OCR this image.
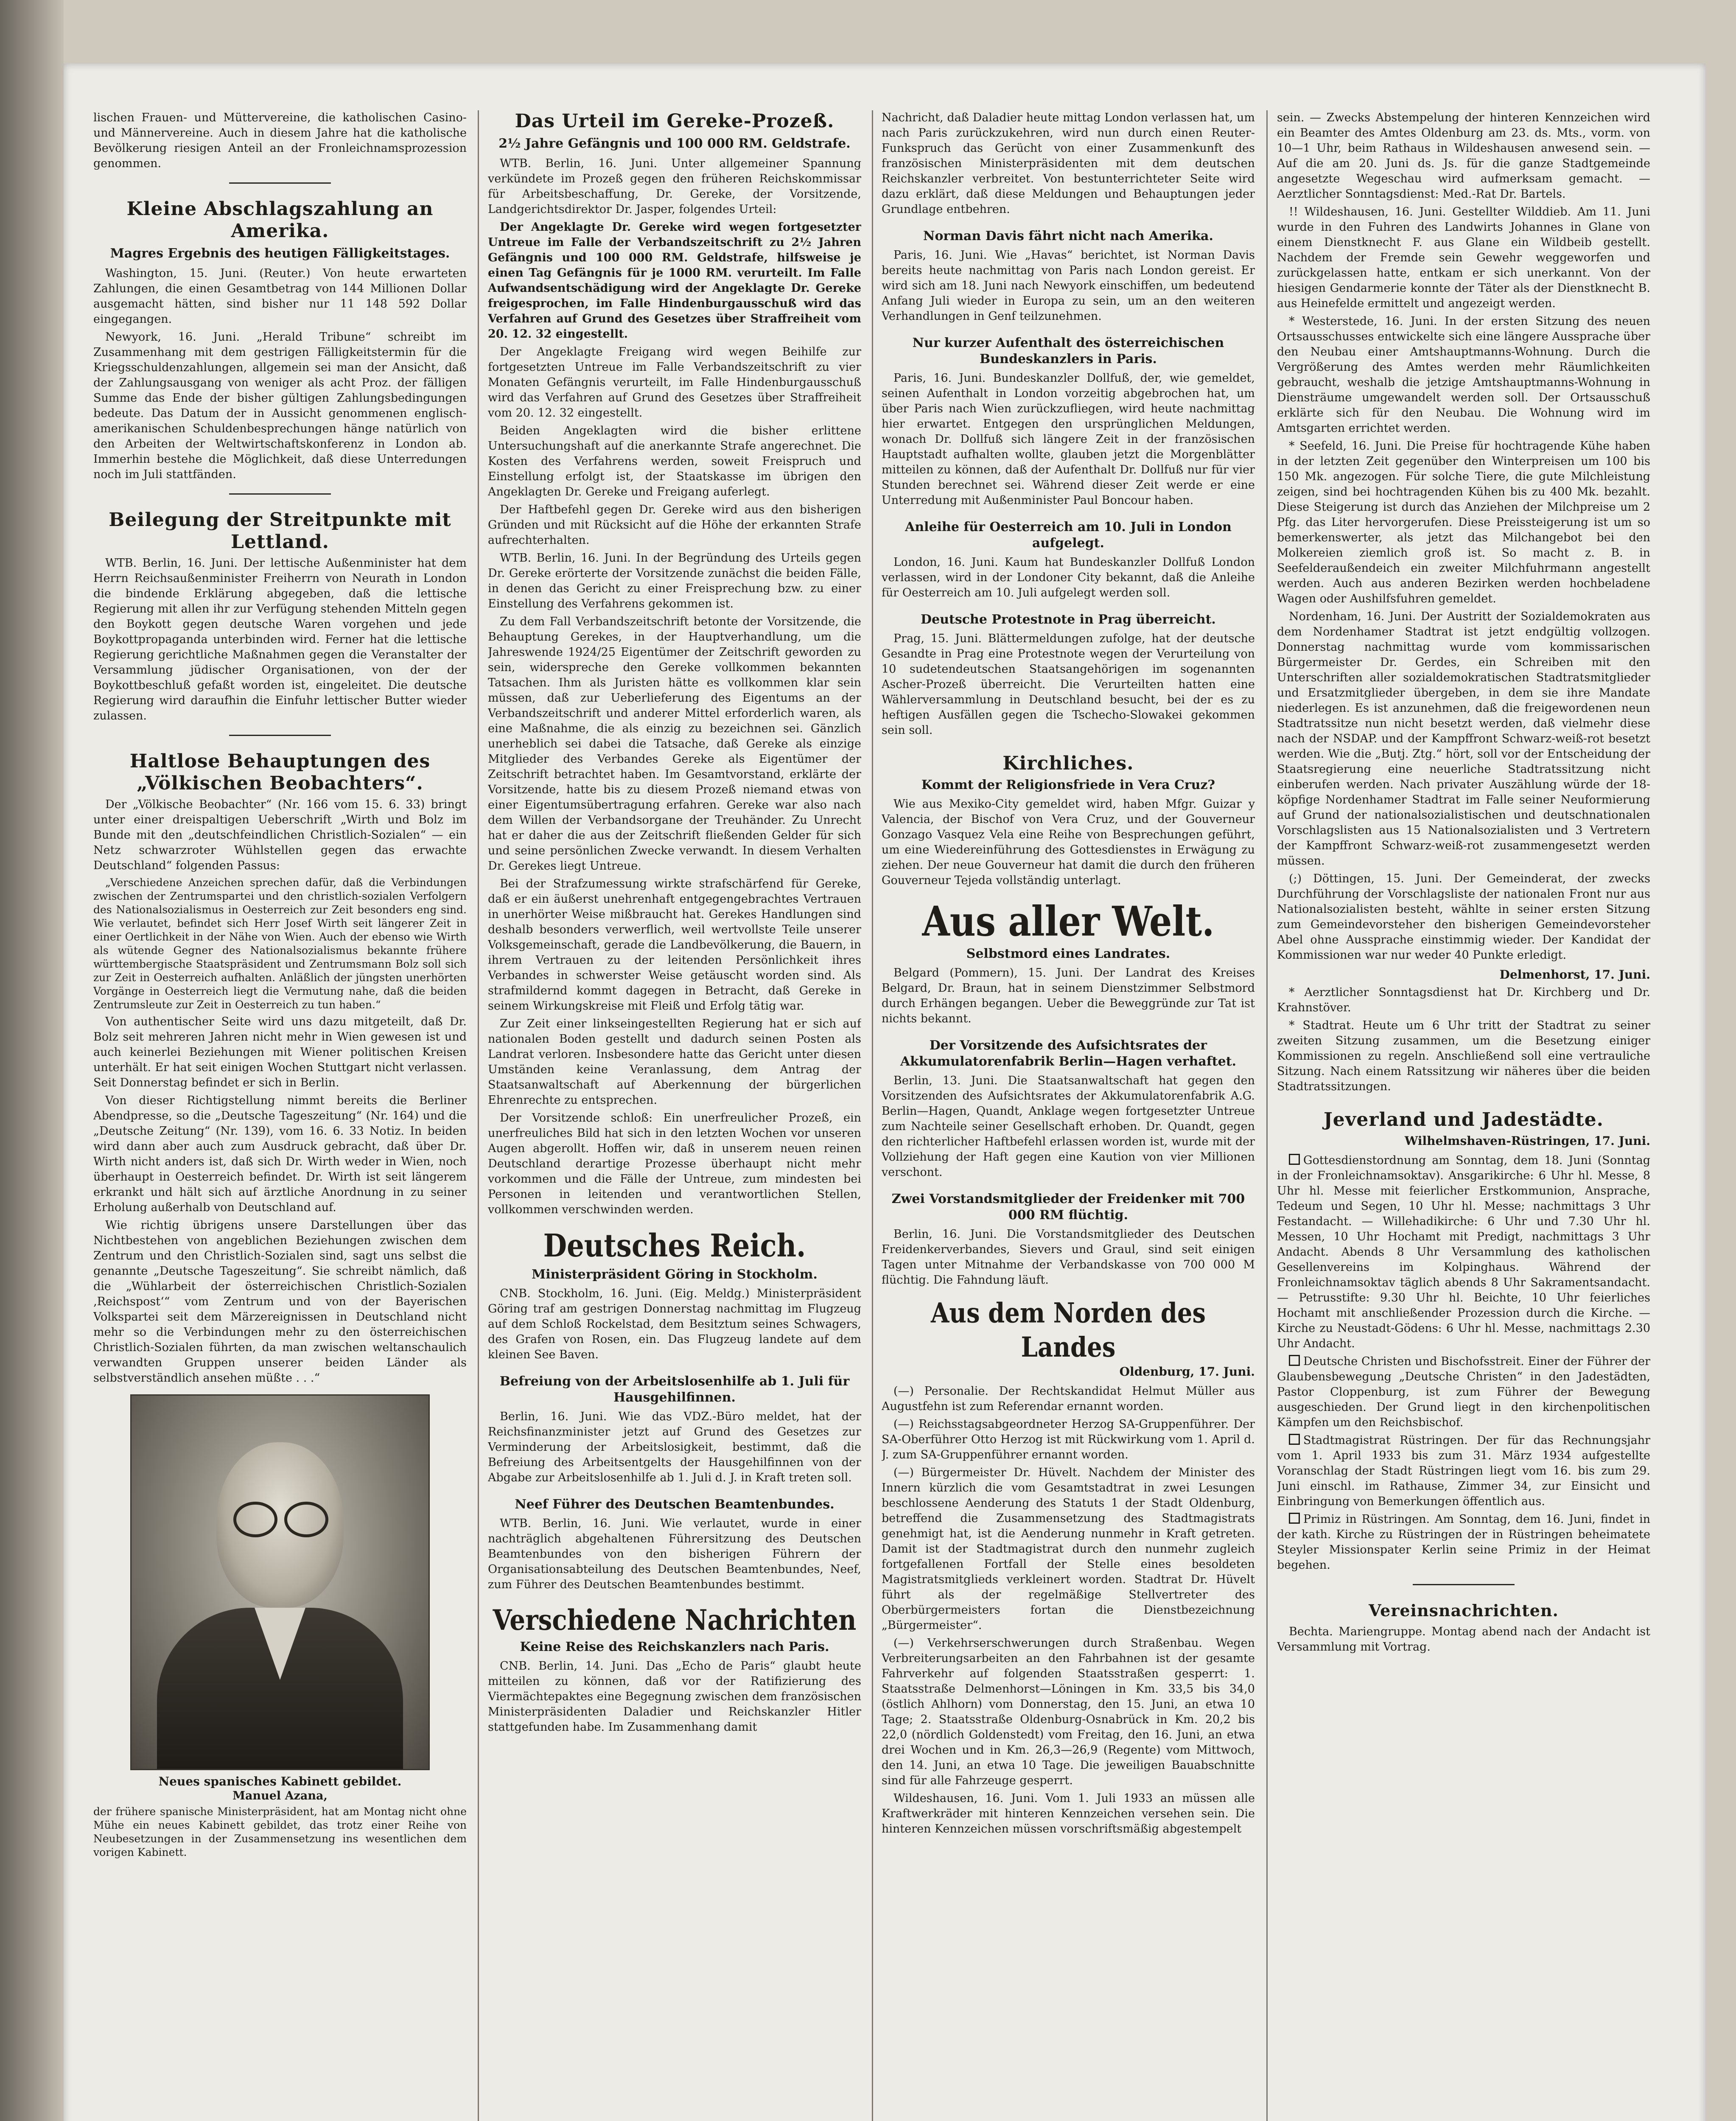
lischen Frauen- und Müttervereine, die katholischen Casino- und Männervereine. Auch in diesem Jahre hat die katholische Bevölkerung riesigen Anteil an der Fronleichnamsprozession genommen.

Kleine Abschlagszahlung an Amerika.
Magres Ergebnis des heutigen Fälligkeitstages.

Washington, 15. Juni. (Reuter.) Von heute erwarteten Zahlungen, die einen Gesamtbetrag von 144 Millionen Dollar ausgemacht hätten, sind bisher nur 11 148 592 Dollar eingegangen.

Newyork, 16. Juni. „Herald Tribune“ schreibt im Zusammenhang mit dem gestrigen Fälligkeitstermin für die Kriegsschuldenzahlungen, allgemein sei man der Ansicht, daß der Zahlungsausgang von weniger als acht Proz. der fälligen Summe das Ende der bisher gültigen Zahlungsbedingungen bedeute. Das Datum der in Aussicht genommenen englisch-amerikanischen Schuldenbesprechungen hänge natürlich von den Arbeiten der Weltwirtschaftskonferenz in London ab. Immerhin bestehe die Möglichkeit, daß diese Unterredungen noch im Juli stattfänden.

Beilegung der Streitpunkte mit Lettland.

WTB. Berlin, 16. Juni. Der lettische Außenminister hat dem Herrn Reichsaußenminister Freiherrn von Neurath in London die bindende Erklärung abgegeben, daß die lettische Regierung mit allen ihr zur Verfügung stehenden Mitteln gegen den Boykott gegen deutsche Waren vorgehen und jede Boykottpropaganda unterbinden wird. Ferner hat die lettische Regierung gerichtliche Maßnahmen gegen die Veranstalter der Versammlung jüdischer Organisationen, von der der Boykottbeschluß gefaßt worden ist, eingeleitet. Die deutsche Regierung wird daraufhin die Einfuhr lettischer Butter wieder zulassen.

Haltlose Behauptungen des „Völkischen Beobachters“.

Der „Völkische Beobachter“ (Nr. 166 vom 15. 6. 33) bringt unter einer dreispaltigen Ueberschrift „Wirth und Bolz im Bunde mit den „deutschfeindlichen Christlich-Sozialen“ — ein Netz schwarzroter Wühlstellen gegen das erwachte Deutschland“ folgenden Passus:

„Verschiedene Anzeichen sprechen dafür, daß die Verbindungen zwischen der Zentrumspartei und den christlich-sozialen Verfolgern des Nationalsozialismus in Oesterreich zur Zeit besonders eng sind. Wie verlautet, befindet sich Herr Josef Wirth seit längerer Zeit in einer Oertlichkeit in der Nähe von Wien. Auch der ebenso wie Wirth als wütende Gegner des Nationalsozialismus bekannte frühere württembergische Staatspräsident und Zentrumsmann Bolz soll sich zur Zeit in Oesterreich aufhalten. Anläßlich der jüngsten unerhörten Vorgänge in Oesterreich liegt die Vermutung nahe, daß die beiden Zentrumsleute zur Zeit in Oesterreich zu tun haben.“

Von authentischer Seite wird uns dazu mitgeteilt, daß Dr. Bolz seit mehreren Jahren nicht mehr in Wien gewesen ist und auch keinerlei Beziehungen mit Wiener politischen Kreisen unterhält. Er hat seit einigen Wochen Stuttgart nicht verlassen. Seit Donnerstag befindet er sich in Berlin.

Von dieser Richtigstellung nimmt bereits die Berliner Abendpresse, so die „Deutsche Tageszeitung“ (Nr. 164) und die „Deutsche Zeitung“ (Nr. 139), vom 16. 6. 33 Notiz. In beiden wird dann aber auch zum Ausdruck gebracht, daß über Dr. Wirth nicht anders ist, daß sich Dr. Wirth weder in Wien, noch überhaupt in Oesterreich befindet. Dr. Wirth ist seit längerem erkrankt und hält sich auf ärztliche Anordnung in zu seiner Erholung außerhalb von Deutschland auf.

Wie richtig übrigens unsere Darstellungen über das Nichtbestehen von angeblichen Beziehungen zwischen dem Zentrum und den Christlich-Sozialen sind, sagt uns selbst die genannte „Deutsche Tageszeitung“. Sie schreibt nämlich, daß die „Wühlarbeit der österreichischen Christlich-Sozialen ‚Reichspost‘“ vom Zentrum und von der Bayerischen Volkspartei seit dem Märzereignissen in Deutschland nicht mehr so die Verbindungen mehr zu den österreichischen Christlich-Sozialen führten, da man zwischen weltanschaulich verwandten Gruppen unserer beiden Länder als selbstverständlich ansehen müßte . . .“

Neues spanisches Kabinett gebildet.
Manuel Azana,

der frühere spanische Ministerpräsident, hat am Montag nicht ohne Mühe ein neues Kabinett gebildet, das trotz einer Reihe von Neubesetzungen in der Zusammensetzung ins wesentlichen dem vorigen Kabinett.

Das Urteil im Gereke-Prozeß.
2½ Jahre Gefängnis und 100 000 RM. Geldstrafe.

WTB. Berlin, 16. Juni. Unter allgemeiner Spannung verkündete im Prozeß gegen den früheren Reichskommissar für Arbeitsbeschaffung, Dr. Gereke, der Vorsitzende, Landgerichtsdirektor Dr. Jasper, folgendes Urteil:

Der Angeklagte Dr. Gereke wird wegen fortgesetzter Untreue im Falle der Verbandszeitschrift zu 2½ Jahren Gefängnis und 100 000 RM. Geldstrafe, hilfsweise je einen Tag Gefängnis für je 1000 RM. verurteilt. Im Falle Aufwandsentschädigung wird der Angeklagte Dr. Gereke freigesprochen, im Falle Hindenburgausschuß wird das Verfahren auf Grund des Gesetzes über Straffreiheit vom 20. 12. 32 eingestellt.

Der Angeklagte Freigang wird wegen Beihilfe zur fortgesetzten Untreue im Falle Verbandszeitschrift zu vier Monaten Gefängnis verurteilt, im Falle Hindenburgausschuß wird das Verfahren auf Grund des Gesetzes über Straffreiheit vom 20. 12. 32 eingestellt.

Beiden Angeklagten wird die bisher erlittene Untersuchungshaft auf die anerkannte Strafe angerechnet. Die Kosten des Verfahrens werden, soweit Freispruch und Einstellung erfolgt ist, der Staatskasse im übrigen den Angeklagten Dr. Gereke und Freigang auferlegt.

Der Haftbefehl gegen Dr. Gereke wird aus den bisherigen Gründen und mit Rücksicht auf die Höhe der erkannten Strafe aufrechterhalten.

WTB. Berlin, 16. Juni. In der Begründung des Urteils gegen Dr. Gereke erörterte der Vorsitzende zunächst die beiden Fälle, in denen das Gericht zu einer Freisprechung bzw. zu einer Einstellung des Verfahrens gekommen ist.

Zu dem Fall Verbandszeitschrift betonte der Vorsitzende, die Behauptung Gerekes, in der Hauptverhandlung, um die Jahreswende 1924/25 Eigentümer der Zeitschrift geworden zu sein, widerspreche den Gereke vollkommen bekannten Tatsachen. Ihm als Juristen hätte es vollkommen klar sein müssen, daß zur Ueberlieferung des Eigentums an der Verbandszeitschrift und anderer Mittel erforderlich waren, als eine Maßnahme, die als einzig zu bezeichnen sei. Gänzlich unerheblich sei dabei die Tatsache, daß Gereke als einzige Mitglieder des Verbandes Gereke als Eigentümer der Zeitschrift betrachtet haben. Im Gesamtvorstand, erklärte der Vorsitzende, hatte bis zu diesem Prozeß niemand etwas von einer Eigentumsübertragung erfahren. Gereke war also nach dem Willen der Verbandsorgane der Treuhänder. Zu Unrecht hat er daher die aus der Zeitschrift fließenden Gelder für sich und seine persönlichen Zwecke verwandt. In diesem Verhalten Dr. Gerekes liegt Untreue.

Bei der Strafzumessung wirkte strafschärfend für Gereke, daß er ein äußerst unehrenhaft entgegengebrachtes Vertrauen in unerhörter Weise mißbraucht hat. Gerekes Handlungen sind deshalb besonders verwerflich, weil wertvollste Teile unserer Volksgemeinschaft, gerade die Landbevölkerung, die Bauern, in ihrem Vertrauen zu der leitenden Persönlichkeit ihres Verbandes in schwerster Weise getäuscht worden sind. Als strafmildernd kommt dagegen in Betracht, daß Gereke in seinem Wirkungskreise mit Fleiß und Erfolg tätig war.

Zur Zeit einer linkseingestellten Regierung hat er sich auf nationalen Boden gestellt und dadurch seinen Posten als Landrat verloren. Insbesondere hatte das Gericht unter diesen Umständen keine Veranlassung, dem Antrag der Staatsanwaltschaft auf Aberkennung der bürgerlichen Ehrenrechte zu entsprechen.

Der Vorsitzende schloß: Ein unerfreulicher Prozeß, ein unerfreuliches Bild hat sich in den letzten Wochen vor unseren Augen abgerollt. Hoffen wir, daß in unserem neuen reinen Deutschland derartige Prozesse überhaupt nicht mehr vorkommen und die Fälle der Untreue, zum mindesten bei Personen in leitenden und verantwortlichen Stellen, vollkommen verschwinden werden.

Deutsches Reich.
Ministerpräsident Göring in Stockholm.

CNB. Stockholm, 16. Juni. (Eig. Meldg.) Ministerpräsident Göring traf am gestrigen Donnerstag nachmittag im Flugzeug auf dem Schloß Rockelstad, dem Besitztum seines Schwagers, des Grafen von Rosen, ein. Das Flugzeug landete auf dem kleinen See Baven.

Befreiung von der Arbeitslosenhilfe ab 1. Juli für Hausgehilfinnen.

Berlin, 16. Juni. Wie das VDZ.-Büro meldet, hat der Reichsfinanzminister jetzt auf Grund des Gesetzes zur Verminderung der Arbeitslosigkeit, bestimmt, daß die Befreiung des Arbeitsentgelts der Hausgehilfinnen von der Abgabe zur Arbeitslosenhilfe ab 1. Juli d. J. in Kraft treten soll.

Neef Führer des Deutschen Beamtenbundes.

WTB. Berlin, 16. Juni. Wie verlautet, wurde in einer nachträglich abgehaltenen Führersitzung des Deutschen Beamtenbundes von den bisherigen Führern der Organisationsabteilung des Deutschen Beamtenbundes, Neef, zum Führer des Deutschen Beamtenbundes bestimmt.

Verschiedene Nachrichten
Keine Reise des Reichskanzlers nach Paris.

CNB. Berlin, 14. Juni. Das „Echo de Paris“ glaubt heute mitteilen zu können, daß vor der Ratifizierung des Viermächtepaktes eine Begegnung zwischen dem französischen Ministerpräsidenten Daladier und Reichskanzler Hitler stattgefunden habe. Im Zusammenhang damit

Nachricht, daß Daladier heute mittag London verlassen hat, um nach Paris zurückzukehren, wird nun durch einen Reuter-Funkspruch das Gerücht von einer Zusammenkunft des französischen Ministerpräsidenten mit dem deutschen Reichskanzler verbreitet. Von bestunterrichteter Seite wird dazu erklärt, daß diese Meldungen und Behauptungen jeder Grundlage entbehren.

Norman Davis fährt nicht nach Amerika.

Paris, 16. Juni. Wie „Havas“ berichtet, ist Norman Davis bereits heute nachmittag von Paris nach London gereist. Er wird sich am 18. Juni nach Newyork einschiffen, um bedeutend Anfang Juli wieder in Europa zu sein, um an den weiteren Verhandlungen in Genf teilzunehmen.

Nur kurzer Aufenthalt des österreichischen Bundeskanzlers in Paris.

Paris, 16. Juni. Bundeskanzler Dollfuß, der, wie gemeldet, seinen Aufenthalt in London vorzeitig abgebrochen hat, um über Paris nach Wien zurückzufliegen, wird heute nachmittag hier erwartet. Entgegen den ursprünglichen Meldungen, wonach Dr. Dollfuß sich längere Zeit in der französischen Hauptstadt aufhalten wollte, glauben jetzt die Morgenblätter mitteilen zu können, daß der Aufenthalt Dr. Dollfuß nur für vier Stunden berechnet sei. Während dieser Zeit werde er eine Unterredung mit Außenminister Paul Boncour haben.

Anleihe für Oesterreich am 10. Juli in London aufgelegt.

London, 16. Juni. Kaum hat Bundeskanzler Dollfuß London verlassen, wird in der Londoner City bekannt, daß die Anleihe für Oesterreich am 10. Juli aufgelegt werden soll.

Deutsche Protestnote in Prag überreicht.

Prag, 15. Juni. Blättermeldungen zufolge, hat der deutsche Gesandte in Prag eine Protestnote wegen der Verurteilung von 10 sudetendeutschen Staatsangehörigen im sogenannten Ascher-Prozeß überreicht. Die Verurteilten hatten eine Wählerversammlung in Deutschland besucht, bei der es zu heftigen Ausfällen gegen die Tschecho-Slowakei gekommen sein soll.

Kirchliches.
Kommt der Religionsfriede in Vera Cruz?

Wie aus Mexiko-City gemeldet wird, haben Mfgr. Guizar y Valencia, der Bischof von Vera Cruz, und der Gouverneur Gonzago Vasquez Vela eine Reihe von Besprechungen geführt, um eine Wiedereinführung des Gottesdienstes in Erwägung zu ziehen. Der neue Gouverneur hat damit die durch den früheren Gouverneur Tejeda vollständig unterlagt.

Aus aller Welt.
Selbstmord eines Landrates.

Belgard (Pommern), 15. Juni. Der Landrat des Kreises Belgard, Dr. Braun, hat in seinem Dienstzimmer Selbstmord durch Erhängen begangen. Ueber die Beweggründe zur Tat ist nichts bekannt.

Der Vorsitzende des Aufsichtsrates der Akkumulatorenfabrik Berlin—Hagen verhaftet.

Berlin, 13. Juni. Die Staatsanwaltschaft hat gegen den Vorsitzenden des Aufsichtsrates der Akkumulatorenfabrik A.G. Berlin—Hagen, Quandt, Anklage wegen fortgesetzter Untreue zum Nachteile seiner Gesellschaft erhoben. Dr. Quandt, gegen den richterlicher Haftbefehl erlassen worden ist, wurde mit der Vollziehung der Haft gegen eine Kaution von vier Millionen verschont.

Zwei Vorstandsmitglieder der Freidenker mit 700 000 RM flüchtig.

Berlin, 16. Juni. Die Vorstandsmitglieder des Deutschen Freidenkerverbandes, Sievers und Graul, sind seit einigen Tagen unter Mitnahme der Verbandskasse von 700 000 M flüchtig. Die Fahndung läuft.

Aus dem Norden des Landes
Oldenburg, 17. Juni.

(—) Personalie. Der Rechtskandidat Helmut Müller aus Augustfehn ist zum Referendar ernannt worden.

(—) Reichsstagsabgeordneter Herzog SA-Gruppenführer. Der SA-Oberführer Otto Herzog ist mit Rückwirkung vom 1. April d. J. zum SA-Gruppenführer ernannt worden.

(—) Bürgermeister Dr. Hüvelt. Nachdem der Minister des Innern kürzlich die vom Gesamtstadtrat in zwei Lesungen beschlossene Aenderung des Statuts 1 der Stadt Oldenburg, betreffend die Zusammensetzung des Stadtmagistrats genehmigt hat, ist die Aenderung nunmehr in Kraft getreten. Damit ist der Stadtmagistrat durch den nunmehr zugleich fortgefallenen Fortfall der Stelle eines besoldeten Magistratsmitglieds verkleinert worden. Stadtrat Dr. Hüvelt führt als der regelmäßige Stellvertreter des Oberbürgermeisters fortan die Dienstbezeichnung „Bürgermeister“.

(—) Verkehrserschwerungen durch Straßenbau. Wegen Verbreiterungsarbeiten an den Fahrbahnen ist der gesamte Fahrverkehr auf folgenden Staatsstraßen gesperrt: 1. Staatsstraße Delmenhorst—Löningen in Km. 33,5 bis 34,0 (östlich Ahlhorn) vom Donnerstag, den 15. Juni, an etwa 10 Tage; 2. Staatsstraße Oldenburg-Osnabrück in Km. 20,2 bis 22,0 (nördlich Goldenstedt) vom Freitag, den 16. Juni, an etwa drei Wochen und in Km. 26,3—26,9 (Regente) vom Mittwoch, den 14. Juni, an etwa 10 Tage. Die jeweiligen Bauabschnitte sind für alle Fahrzeuge gesperrt.

Wildeshausen, 16. Juni. Vom 1. Juli 1933 an müssen alle Kraftwerkräder mit hinteren Kennzeichen versehen sein. Die hinteren Kennzeichen müssen vorschriftsmäßig abgestempelt

sein. — Zwecks Abstempelung der hinteren Kennzeichen wird ein Beamter des Amtes Oldenburg am 23. ds. Mts., vorm. von 10—1 Uhr, beim Rathaus in Wildeshausen anwesend sein. — Auf die am 20. Juni ds. Js. für die ganze Stadtgemeinde angesetzte Wegeschau wird aufmerksam gemacht. — Aerztlicher Sonntagsdienst: Med.-Rat Dr. Bartels.

!! Wildeshausen, 16. Juni. Gestellter Wilddieb. Am 11. Juni wurde in den Fuhren des Landwirts Johannes in Glane von einem Dienstknecht F. aus Glane ein Wildbeib gestellt. Nachdem der Fremde sein Gewehr weggeworfen und zurückgelassen hatte, entkam er sich unerkannt. Von der hiesigen Gendarmerie konnte der Täter als der Dienstknecht B. aus Heinefelde ermittelt und angezeigt werden.

* Westerstede, 16. Juni. In der ersten Sitzung des neuen Ortsausschusses entwickelte sich eine längere Aussprache über den Neubau einer Amtshauptmanns-Wohnung. Durch die Vergrößerung des Amtes werden mehr Räumlichkeiten gebraucht, weshalb die jetzige Amtshauptmanns-Wohnung in Diensträume umgewandelt werden soll. Der Ortsausschuß erklärte sich für den Neubau. Die Wohnung wird im Amtsgarten errichtet werden.

* Seefeld, 16. Juni. Die Preise für hochtragende Kühe haben in der letzten Zeit gegenüber den Winterpreisen um 100 bis 150 Mk. angezogen. Für solche Tiere, die gute Milchleistung zeigen, sind bei hochtragenden Kühen bis zu 400 Mk. bezahlt. Diese Steigerung ist durch das Anziehen der Milchpreise um 2 Pfg. das Liter hervorgerufen. Diese Preissteigerung ist um so bemerkenswerter, als jetzt das Milchangebot bei den Molkereien ziemlich groß ist. So macht z. B. in Seefelderaußendeich ein zweiter Milchfuhrmann angestellt werden. Auch aus anderen Bezirken werden hochbeladene Wagen oder Aushilfsfuhren gemeldet.

Nordenham, 16. Juni. Der Austritt der Sozialdemokraten aus dem Nordenhamer Stadtrat ist jetzt endgültig vollzogen. Donnerstag nachmittag wurde vom kommissarischen Bürgermeister Dr. Gerdes, ein Schreiben mit den Unterschriften aller sozialdemokratischen Stadtratsmitglieder und Ersatzmitglieder übergeben, in dem sie ihre Mandate niederlegen. Es ist anzunehmen, daß die freigewordenen neun Stadtratssitze nun nicht besetzt werden, daß vielmehr diese nach der NSDAP. und der Kampffront Schwarz-weiß-rot besetzt werden. Wie die „Butj. Ztg.“ hört, soll vor der Entscheidung der Staatsregierung eine neuerliche Stadtratssitzung nicht einberufen werden. Nach privater Auszählung würde der 18-köpfige Nordenhamer Stadtrat im Falle seiner Neuformierung auf Grund der nationalsozialistischen und deutschnationalen Vorschlagslisten aus 15 Nationalsozialisten und 3 Vertretern der Kampffront Schwarz-weiß-rot zusammengesetzt werden müssen.

(;) Döttingen, 15. Juni. Der Gemeinderat, der zwecks Durchführung der Vorschlagsliste der nationalen Front nur aus Nationalsozialisten besteht, wählte in seiner ersten Sitzung zum Gemeindevorsteher den bisherigen Gemeindevorsteher Abel ohne Aussprache einstimmig wieder. Der Kandidat der Kommissionen war nur weder 40 Punkte erledigt.

Delmenhorst, 17. Juni.

* Aerztlicher Sonntagsdienst hat Dr. Kirchberg und Dr. Krahnstöver.

* Stadtrat. Heute um 6 Uhr tritt der Stadtrat zu seiner zweiten Sitzung zusammen, um die Besetzung einiger Kommissionen zu regeln. Anschließend soll eine vertrauliche Sitzung. Nach einem Ratssitzung wir näheres über die beiden Stadtratssitzungen.

Jeverland und Jadestädte.
Wilhelmshaven-Rüstringen, 17. Juni.

Gottesdienstordnung am Sonntag, dem 18. Juni (Sonntag in der Fronleichnamsoktav). Ansgarikirche: 6 Uhr hl. Messe, 8 Uhr hl. Messe mit feierlicher Erstkommunion, Ansprache, Tedeum und Segen, 10 Uhr hl. Messe; nachmittags 3 Uhr Festandacht. — Willehadikirche: 6 Uhr und 7.30 Uhr hl. Messen, 10 Uhr Hochamt mit Predigt, nachmittags 3 Uhr Andacht. Abends 8 Uhr Versammlung des katholischen Gesellenvereins im Kolpinghaus. Während der Fronleichnamsoktav täglich abends 8 Uhr Sakramentsandacht. — Petrusstifte: 9.30 Uhr hl. Beichte, 10 Uhr feierliches Hochamt mit anschließender Prozession durch die Kirche. — Kirche zu Neustadt-Gödens: 6 Uhr hl. Messe, nachmittags 2.30 Uhr Andacht.

Deutsche Christen und Bischofsstreit. Einer der Führer der Glaubensbewegung „Deutsche Christen“ in den Jadestädten, Pastor Cloppenburg, ist zum Führer der Bewegung ausgeschieden. Der Grund liegt in den kirchenpolitischen Kämpfen um den Reichsbischof.

Stadtmagistrat Rüstringen. Der für das Rechnungsjahr vom 1. April 1933 bis zum 31. März 1934 aufgestellte Voranschlag der Stadt Rüstringen liegt vom 16. bis zum 29. Juni einschl. im Rathause, Zimmer 34, zur Einsicht und Einbringung von Bemerkungen öffentlich aus.

Primiz in Rüstringen. Am Sonntag, dem 16. Juni, findet in der kath. Kirche zu Rüstringen der in Rüstringen beheimatete Steyler Missionspater Kerlin seine Primiz in der Heimat begehen.

Vereinsnachrichten.

Bechta. Mariengruppe. Montag abend nach der Andacht ist Versammlung mit Vortrag.
